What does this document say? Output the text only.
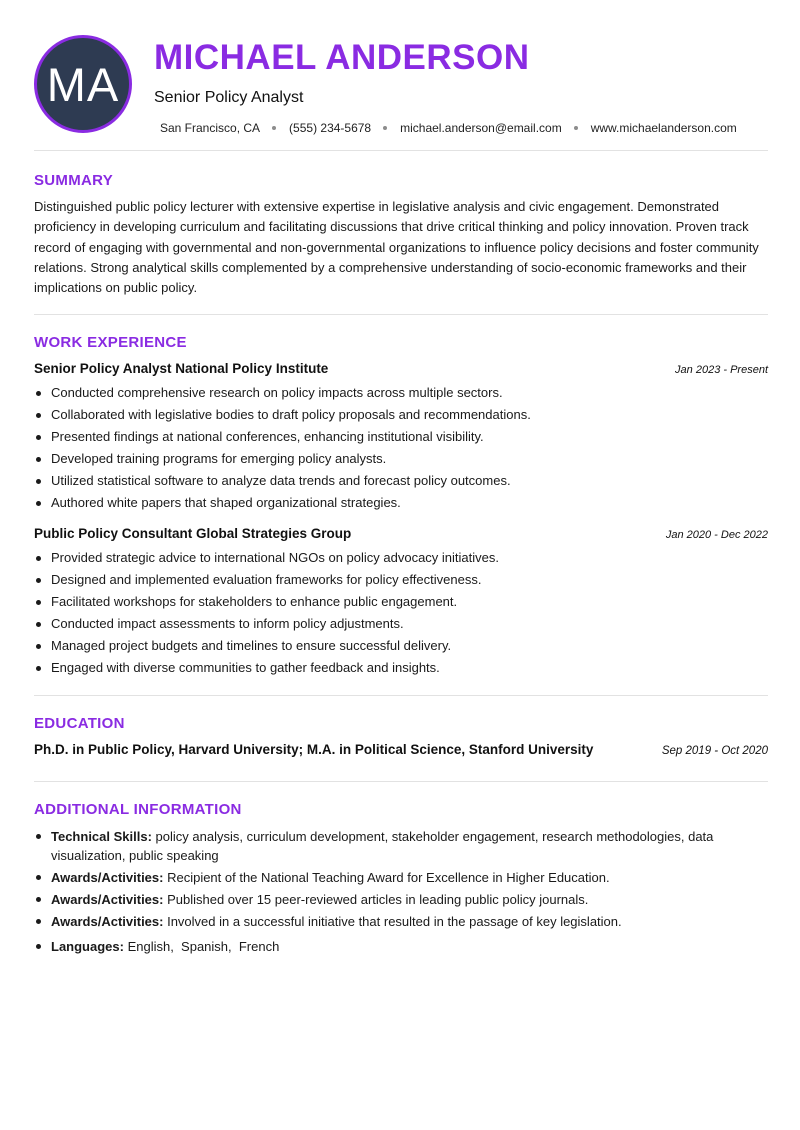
MA MICHAEL ANDERSON
Senior Policy Analyst
San Francisco, CA (555) 234-5678 michael.anderson@email.com www.michaelanderson.com
SUMMARY

Distinguished public policy lecturer with extensive expertise in legislative analysis and civic engagement. Demonstrated proficiency in developing curriculum and facilitating discussions that drive critical thinking and policy innovation. Proven track record of engaging with governmental and non-governmental organizations to influence policy decisions and foster community relations. Strong analytical skills complemented by a comprehensive understanding of socio-economic frameworks and their implications on public policy.

WORK EXPERIENCE
Senior Policy Analyst National Policy Institute	Jan 2023 - Present
Conducted comprehensive research on policy impacts across multiple sectors.
Collaborated with legislative bodies to draft policy proposals and recommendations.
Presented findings at national conferences, enhancing institutional visibility.
Developed training programs for emerging policy analysts.
Utilized statistical software to analyze data trends and forecast policy outcomes.
Authored white papers that shaped organizational strategies.
Public Policy Consultant Global Strategies Group	Jan 2020 - Dec 2022
Provided strategic advice to international NGOs on policy advocacy initiatives.
Designed and implemented evaluation frameworks for policy effectiveness.
Facilitated workshops for stakeholders to enhance public engagement.
Conducted impact assessments to inform policy adjustments.
Managed project budgets and timelines to ensure successful delivery.
Engaged with diverse communities to gather feedback and insights.
EDUCATION
Ph.D. in Public Policy, Harvard University; M.A. in Political Science, Stanford University	Sep 2019 - Oct 2020
ADDITIONAL INFORMATION
Technical Skills: policy analysis, curriculum development, stakeholder engagement, research methodologies, data visualization, public speaking
Awards/Activities: Recipient of the National Teaching Award for Excellence in Higher Education.
Awards/Activities: Published over 15 peer-reviewed articles in leading public policy journals.
Awards/Activities: Involved in a successful initiative that resulted in the passage of key legislation.
Languages: English,  Spanish,  French
